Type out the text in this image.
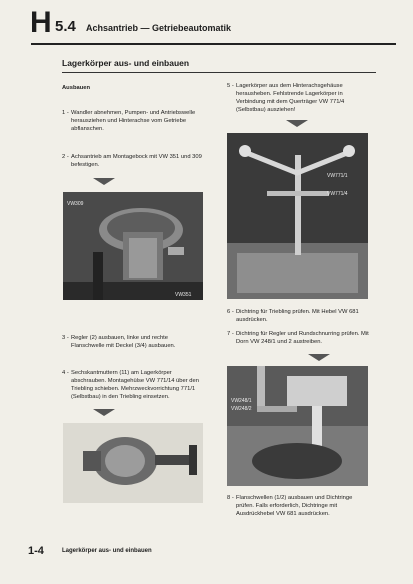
H 5.4 Achsantrieb — Getriebeautomatik
Lagerkörper aus- und einbauen
Ausbauen
1 - Wandler abnehmen, Pumpen- und Antriebswelle herausziehen und Hinterachse vom Getriebe abflanschen.
2 - Achsantrieb am Montagebock mit VW 351 und 309 befestigen.
VW309
VW351
3 - Regler (2) ausbauen, linke und rechte Flanschwelle mit Deckel (3/4) ausbauen.
4 - Sechskantmuttern (11) am Lagerkörper abschrauben. Montagehülse VW 771/14 über den Triebling schieben. Mehrzweckvorrichtung 771/1 (Selbstbau) in den Triebling einsetzen.
5 - Lagerkörper aus dem Hinterachsgehäuse herausheben. Fehlstrende Lagerkörper in Verbindung mit dem Querträger VW 771/4 (Selbstbau) ausziehen!
VW771/1
VW771/4
6 - Dichtring für Triebling prüfen. Mit Hebel VW 681 ausdrücken.
7 - Dichtring für Regler und Rundschnurring prüfen. Mit Dorn VW 248/1 und 2 austreiben.
VW248/1
VW248/2
8 - Flanschwellen (1/2) ausbauen und Dichtringe prüfen. Falls erforderlich, Dichtringe mit Ausdrückhebel VW 681 ausdrücken.
1-4	Lagerkörper aus- und einbauen
